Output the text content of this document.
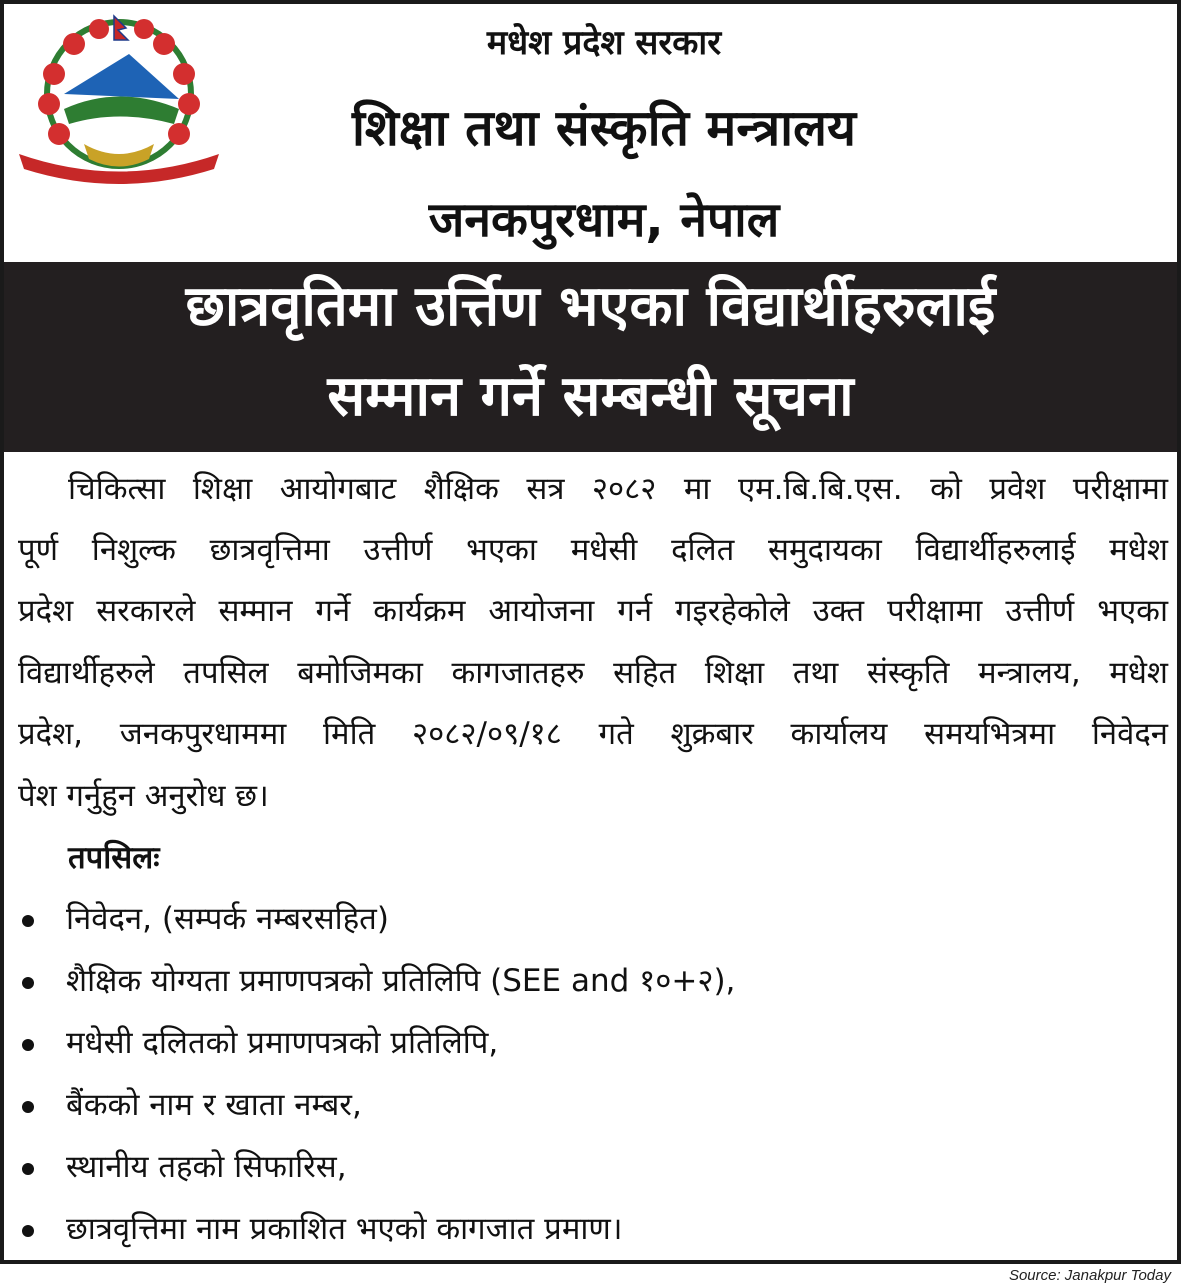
मधेश प्रदेश सरकार
शिक्षा तथा संस्कृति मन्त्रालय
जनकपुरधाम, नेपाल
छात्रवृतिमा उर्त्तिण भएका विद्यार्थीहरुलाई
सम्मान गर्ने सम्बन्धी सूचना
चिकित्सा शिक्षा आयोगबाट शैक्षिक सत्र २०८२ मा एम.बि.बि.एस. को प्रवेश परीक्षामा
पूर्ण निशुल्क छात्रवृत्तिमा उत्तीर्ण भएका मधेसी दलित समुदायका विद्यार्थीहरुलाई मधेश
प्रदेश सरकारले सम्मान गर्ने कार्यक्रम आयोजना गर्न गइरहेकोले उक्त परीक्षामा उत्तीर्ण भएका
विद्यार्थीहरुले तपसिल बमोजिमका कागजातहरु सहित शिक्षा तथा संस्कृति मन्त्रालय, मधेश
प्रदेश, जनकपुरधाममा मिति २०८२/०९/१८ गते शुक्रबार कार्यालय समयभित्रमा निवेदन
पेश गर्नुहुन अनुरोध छ।
तपसिलः
निवेदन, (सम्पर्क नम्बरसहित)
शैक्षिक योग्यता प्रमाणपत्रको प्रतिलिपि (SEE and १०+२),
मधेसी दलितको प्रमाणपत्रको प्रतिलिपि,
बैंकको नाम र खाता नम्बर,
स्थानीय तहको सिफारिस,
छात्रवृत्तिमा नाम प्रकाशित भएको कागजात प्रमाण।
Source: Janakpur Today
